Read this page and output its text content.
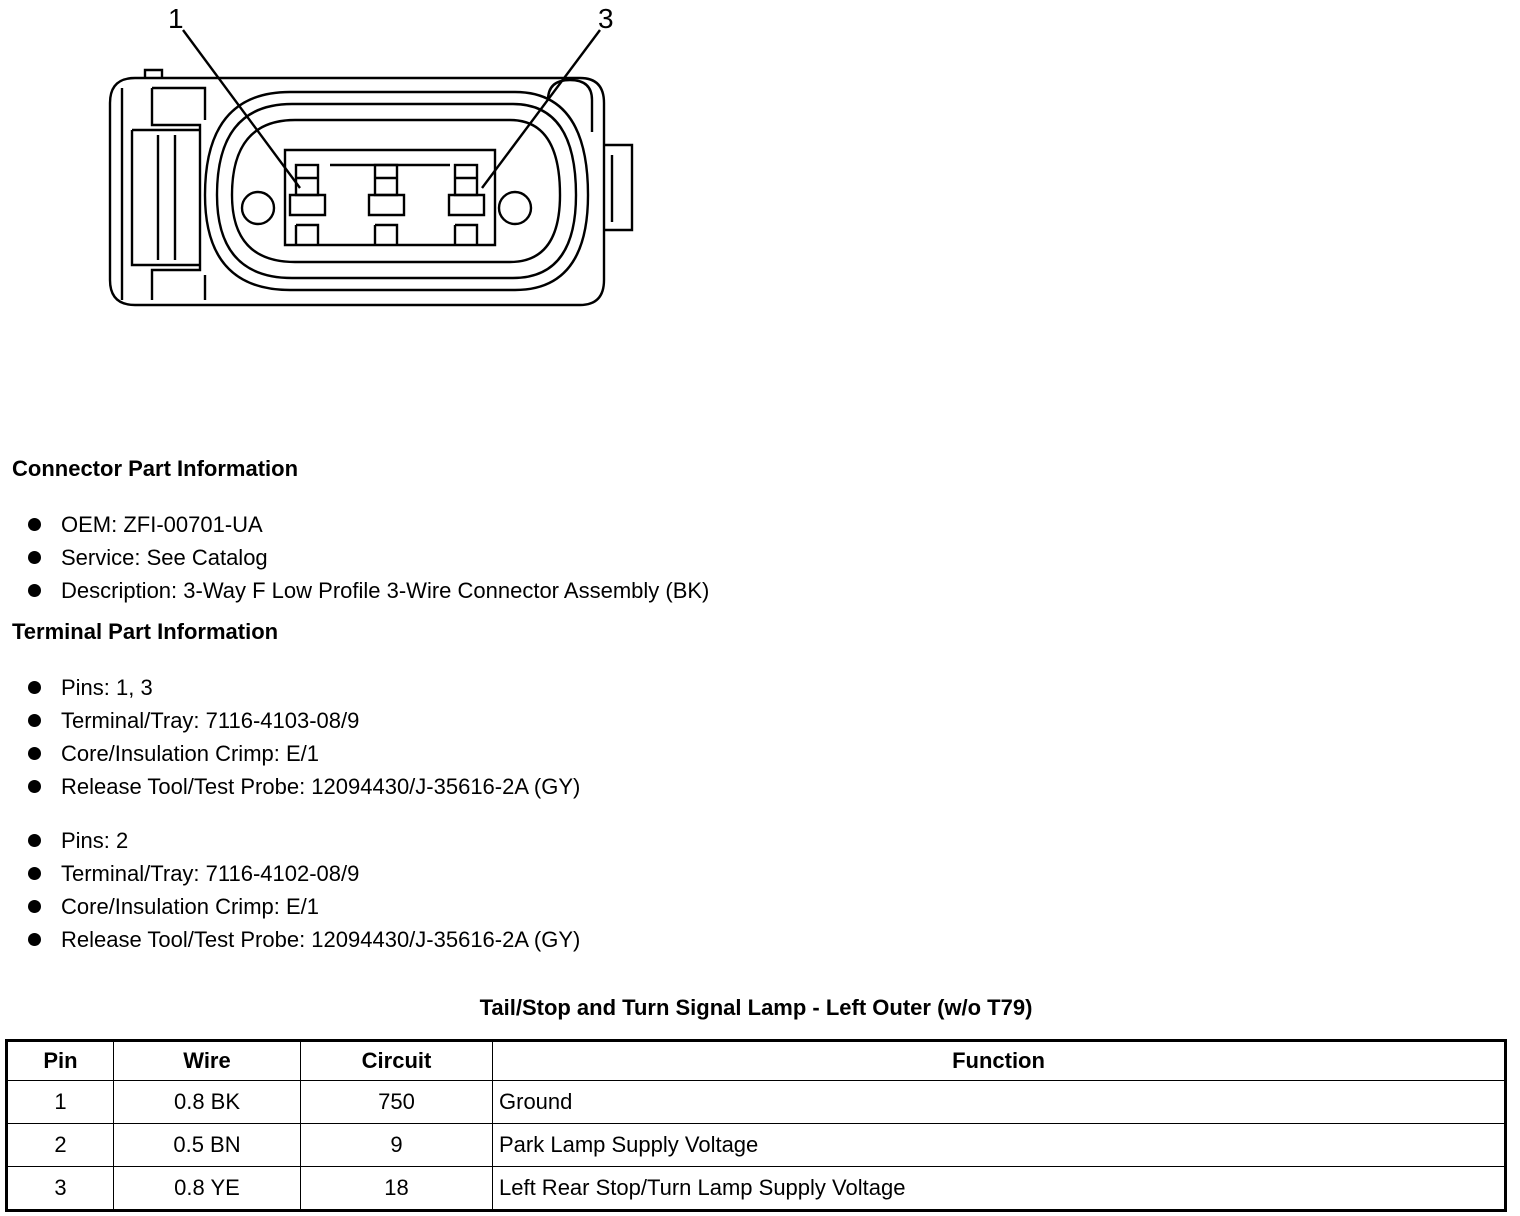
1	3
Connector Part Information
OEM: ZFI-00701-UA
Service: See Catalog
Description: 3-Way F Low Profile 3-Wire Connector Assembly (BK)
Terminal Part Information
Pins: 1, 3
Terminal/Tray: 7116-4103-08/9
Core/Insulation Crimp: E/1
Release Tool/Test Probe: 12094430/J-35616-2A (GY)
Pins: 2
Terminal/Tray: 7116-4102-08/9
Core/Insulation Crimp: E/1
Release Tool/Test Probe: 12094430/J-35616-2A (GY)
Tail/Stop and Turn Signal Lamp - Left Outer (w/o T79)
Pin	Wire	Circuit	Function
1	0.8 BK	750	Ground
2	0.5 BN	9	Park Lamp Supply Voltage
3	0.8 YE	18	Left Rear Stop/Turn Lamp Supply Voltage
